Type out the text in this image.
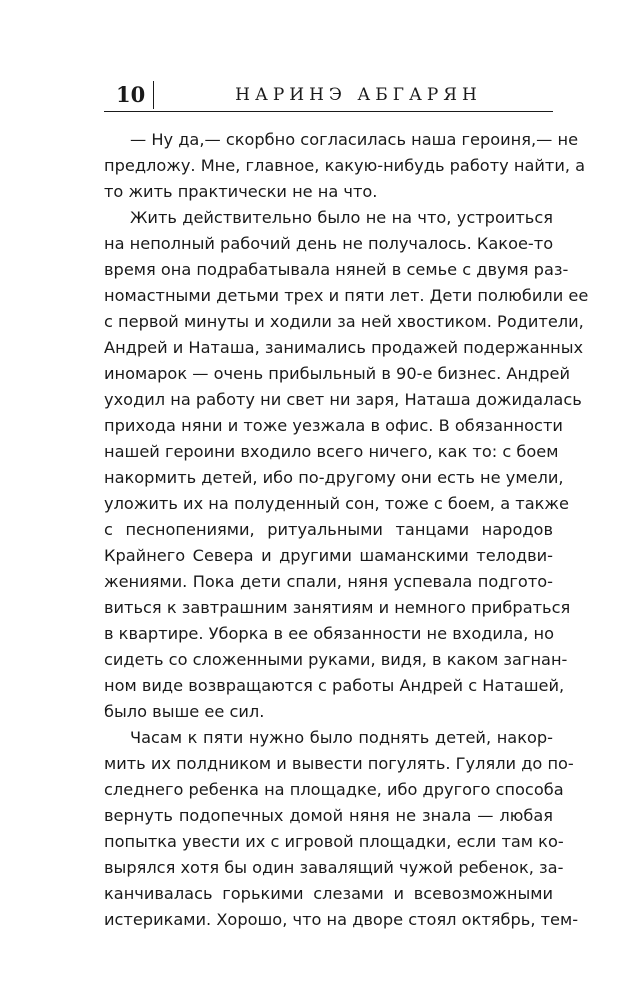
10	НАРИНЭ АБГАРЯН
— Ну да,— скорбно согласилась наша героиня,— не
предложу. Мне, главное, какую-нибудь работу найти, а
то жить практически не на что.
Жить действительно было не на что, устроиться
на неполный рабочий день не получалось. Какое-то
время она подрабатывала няней в семье с двумя раз-
номастными детьми трех и пяти лет. Дети полюбили ее
с первой минуты и ходили за ней хвостиком. Родители,
Андрей и Наташа, занимались продажей подержанных
иномарок — очень прибыльный в 90-е бизнес. Андрей
уходил на работу ни свет ни заря, Наташа дожидалась
прихода няни и тоже уезжала в офис. В обязанности
нашей героини входило всего ничего, как то: с боем
накормить детей, ибо по-другому они есть не умели,
уложить их на полуденный сон, тоже с боем, а также
с песнопениями, ритуальными танцами народов
Крайнего Севера и другими шаманскими телодви-
жениями. Пока дети спали, няня успевала подгото-
виться к завтрашним занятиям и немного прибраться
в квартире. Уборка в ее обязанности не входила, но
сидеть со сложенными руками, видя, в каком загнан-
ном виде возвращаются с работы Андрей с Наташей,
было выше ее сил.
Часам к пяти нужно было поднять детей, накор-
мить их полдником и вывести погулять. Гуляли до по-
следнего ребенка на площадке, ибо другого способа
вернуть подопечных домой няня не знала — любая
попытка увести их с игровой площадки, если там ко-
вырялся хотя бы один завалящий чужой ребенок, за-
канчивалась горькими слезами и всевозможными
истериками. Хорошо, что на дворе стоял октябрь, тем-
